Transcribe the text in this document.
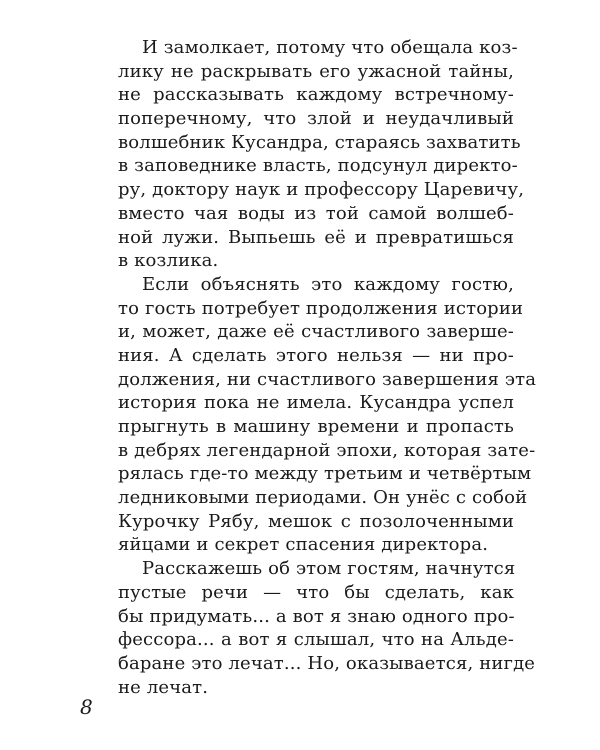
И замолкает, потому что обещала коз-
лику не раскрывать его ужасной тайны,
не рассказывать каждому встречному-
поперечному, что злой и неудачливый
волшебник Кусандра, стараясь захватить
в заповеднике власть, подсунул директо-
ру, доктору наук и профессору Царевичу,
вместо чая воды из той самой волшеб-
ной лужи. Выпьешь её и превратишься
в козлика.
Если объяснять это каждому гостю,
то гость потребует продолжения истории
и, может, даже её счастливого заверше-
ния. А сделать этого нельзя — ни про-
должения, ни счастливого завершения эта
история пока не имела. Кусандра успел
прыгнуть в машину времени и пропасть
в дебрях легендарной эпохи, которая зате-
рялась где-то между третьим и четвёртым
ледниковыми периодами. Он унёс с собой
Курочку Рябу, мешок с позолоченными
яйцами и секрет спасения директора.
Расскажешь об этом гостям, начнутся
пустые речи — что бы сделать, как
бы придумать... а вот я знаю одного про-
фессора... а вот я слышал, что на Альде-
баране это лечат... Но, оказывается, нигде
не лечат.
8
